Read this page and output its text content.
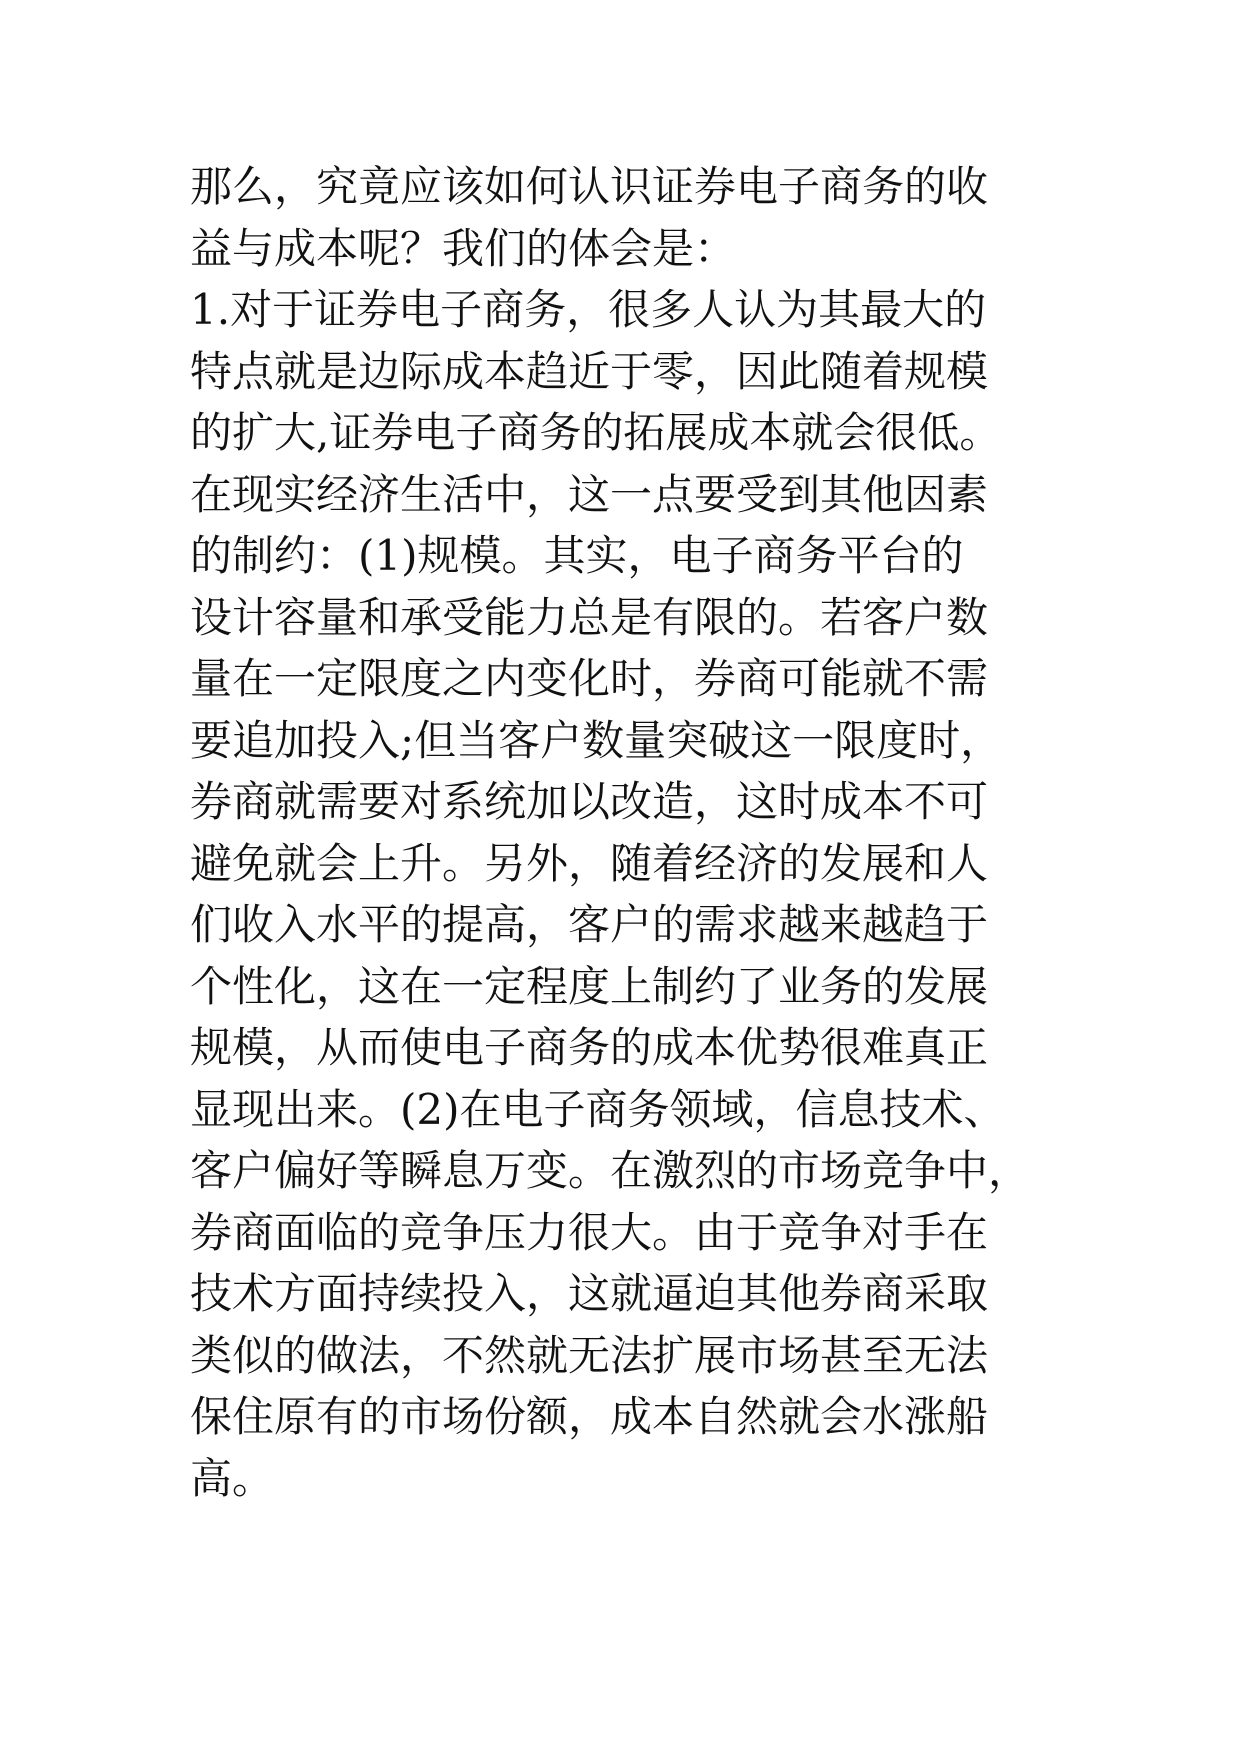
那么，究竟应该如何认识证券电子商务的收
益与成本呢？我们的体会是：
1.对于证券电子商务，很多人认为其最大的
特点就是边际成本趋近于零，因此随着规模
的扩大,证券电子商务的拓展成本就会很低。
在现实经济生活中，这一点要受到其他因素
的制约：(1)规模。其实，电子商务平台的
设计容量和承受能力总是有限的。若客户数
量在一定限度之内变化时，券商可能就不需
要追加投入;但当客户数量突破这一限度时，
券商就需要对系统加以改造，这时成本不可
避免就会上升。另外，随着经济的发展和人
们收入水平的提高，客户的需求越来越趋于
个性化，这在一定程度上制约了业务的发展
规模，从而使电子商务的成本优势很难真正
显现出来。(2)在电子商务领域，信息技术、
客户偏好等瞬息万变。在激烈的市场竞争中，
券商面临的竞争压力很大。由于竞争对手在
技术方面持续投入，这就逼迫其他券商采取
类似的做法，不然就无法扩展市场甚至无法
保住原有的市场份额，成本自然就会水涨船
高。
